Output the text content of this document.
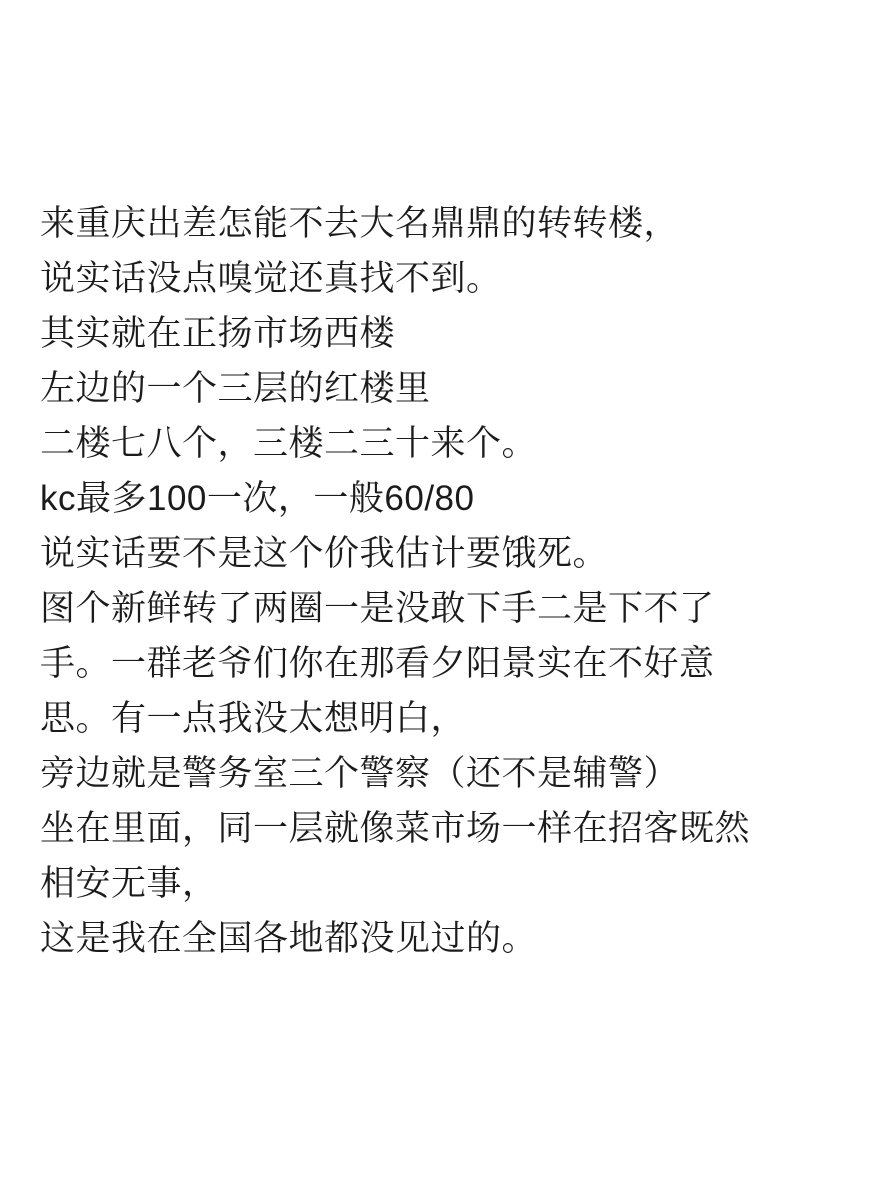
来重庆出差怎能不去大名鼎鼎的转转楼，
说实话没点嗅觉还真找不到。
其实就在正扬市场西楼
左边的一个三层的红楼里
二楼七八个，三楼二三十来个。
kc最多100一次，一般60/80
说实话要不是这个价我估计要饿死。
图个新鲜转了两圈一是没敢下手二是下不了
手。一群老爷们你在那看夕阳景实在不好意
思。有一点我没太想明白，
旁边就是警务室三个警察（还不是辅警）
坐在里面，同一层就像菜市场一样在招客既然
相安无事，
这是我在全国各地都没见过的。
